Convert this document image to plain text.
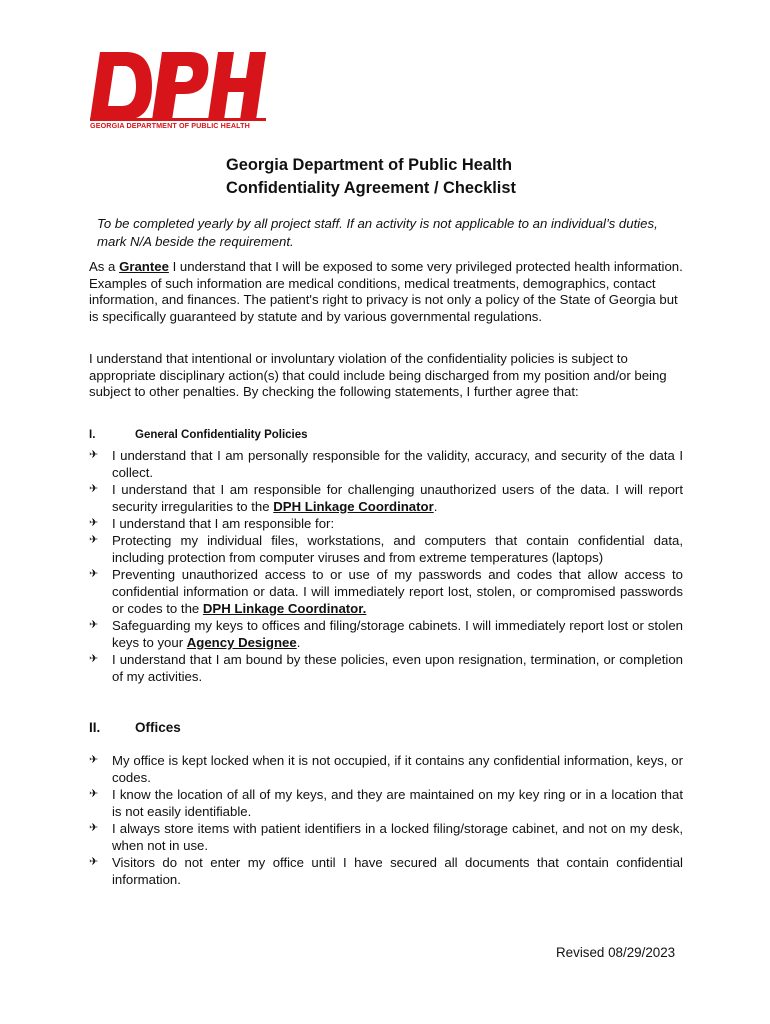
GEORGIA DEPARTMENT OF PUBLIC HEALTH
Georgia Department of Public Health
Confidentiality Agreement / Checklist
To be completed yearly by all project staff. If an activity is not applicable to an individual’s duties, mark N/A beside the requirement.
As a Grantee I understand that I will be exposed to some very privileged protected health information. Examples of such information are medical conditions, medical treatments, demographics, contact information, and finances. The patient's right to privacy is not only a policy of the State of Georgia but is specifically guaranteed by statute and by various governmental regulations.
I understand that intentional or involuntary violation of the confidentiality policies is subject to appropriate disciplinary action(s) that could include being discharged from my position and/or being subject to other penalties. By checking the following statements, I further agree that:
I.	General Confidentiality Policies
✈	I understand that I am personally responsible for the validity, accuracy, and security of the data I collect.
✈	I understand that I am responsible for challenging unauthorized users of the data. I will report security irregularities to the DPH Linkage Coordinator.
✈	I understand that I am responsible for:
✈	Protecting my individual files, workstations, and computers that contain confidential data, including protection from computer viruses and from extreme temperatures (laptops)
✈	Preventing unauthorized access to or use of my passwords and codes that allow access to confidential information or data. I will immediately report lost, stolen, or compromised passwords or codes to the DPH Linkage Coordinator.
✈	Safeguarding my keys to offices and filing/storage cabinets. I will immediately report lost or stolen keys to your Agency Designee.
✈	I understand that I am bound by these policies, even upon resignation, termination, or completion of my activities.
II.	Offices
✈	My office is kept locked when it is not occupied, if it contains any confidential information, keys, or codes.
✈	I know the location of all of my keys, and they are maintained on my key ring or in a location that is not easily identifiable.
✈	I always store items with patient identifiers in a locked filing/storage cabinet, and not on my desk, when not in use.
✈	Visitors do not enter my office until I have secured all documents that contain confidential information.
Revised 08/29/2023
